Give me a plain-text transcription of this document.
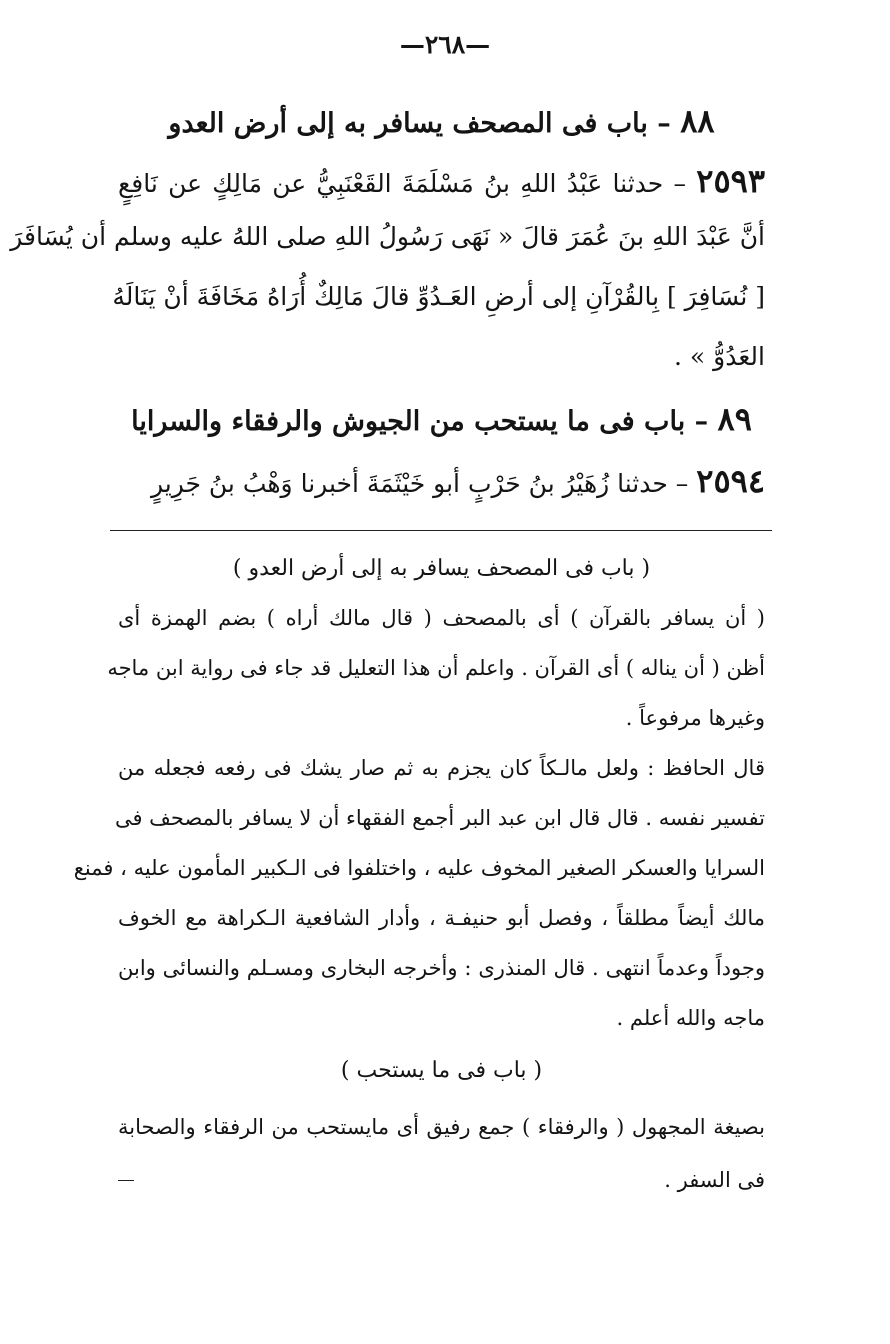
—٢٦٨—
٨٨ – باب فى المصحف يسافر به إلى أرض العدو
٢٥٩٣ – حدثنا عَبْدُ اللهِ بنُ مَسْلَمَةَ القَعْنَبِيُّ عن مَالِكٍ عن نَافِعٍ
أنَّ عَبْدَ اللهِ بنَ عُمَرَ قالَ « نَهَى رَسُولُ اللهِ صلى اللهُ عليه وسلم أن يُسَافَرَ
[ نُسَافِرَ ] بِالقُرْآنِ إلى أرضِ العَـدُوِّ قالَ مَالِكٌ أُرَاهُ مَخَافَةَ أنْ يَنَالَهُ
العَدُوُّ » .
٨٩ – باب فى ما يستحب من الجيوش والرفقاء والسرايا
٢٥٩٤ – حدثنا زُهَيْرُ بنُ حَرْبٍ أبو خَيْثَمَةَ أخبرنا وَهْبُ بنُ جَرِيرٍ
( باب فى المصحف يسافر به إلى أرض العدو )
( أن يسافر بالقرآن ) أى بالمصحف ( قال مالك أراه ) بضم الهمزة أى
أظن ( أن يناله ) أى القرآن . واعلم أن هذا التعليل قد جاء فى رواية ابن ماجه
وغيرها مرفوعاً .
قال الحافظ : ولعل مالـكاً كان يجزم به ثم صار يشك فى رفعه فجعله من
تفسير نفسه . قال قال ابن عبد البر أجمع الفقهاء أن لا يسافر بالمصحف فى
السرايا والعسكر الصغير المخوف عليه ، واختلفوا فى الـكبير المأمون عليه ، فمنع
مالك أيضاً مطلقاً ، وفصل أبو حنيفـة ، وأدار الشافعية الـكراهة مع الخوف
وجوداً وعدماً انتهى . قال المنذرى : وأخرجه البخارى ومسـلم والنسائى وابن
ماجه والله أعلم .
( باب فى ما يستحب )
بصيغة المجهول ( والرفقاء ) جمع رفيق أى مايستحب من الرفقاء والصحابة
فى السفر .
